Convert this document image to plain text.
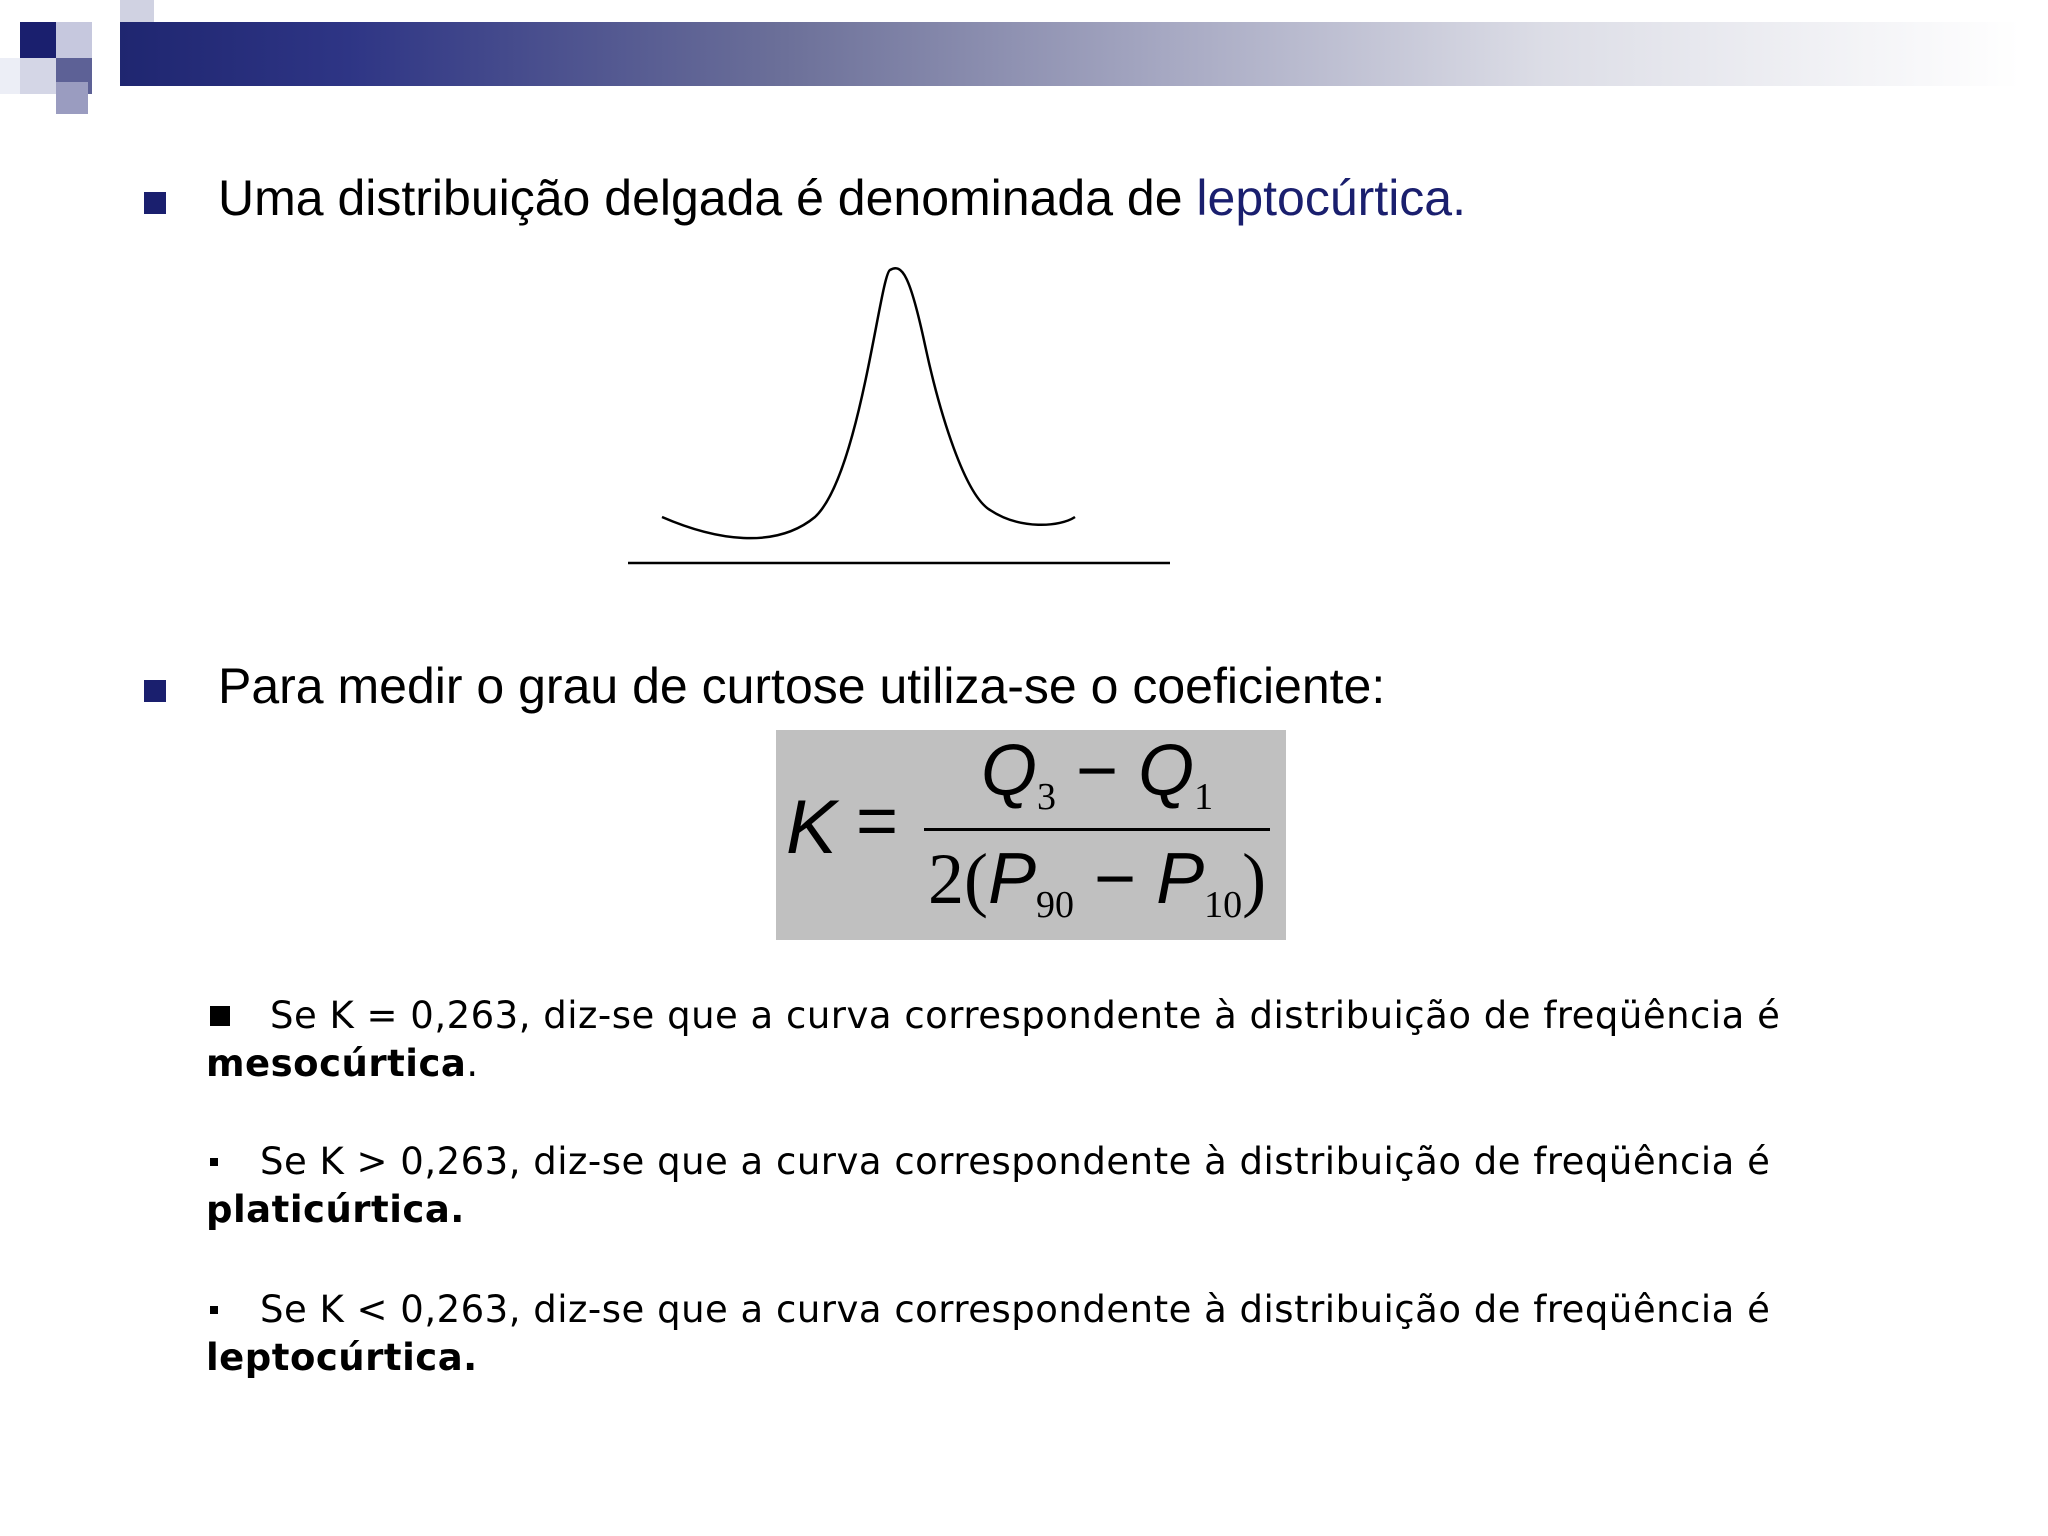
Uma distribuição delgada é denominada de leptocúrtica.
Para medir o grau de curtose utiliza-se o coeficiente:
K =
$Q_3 - Q_1$
$2(P_{90} - P_{10})$
Se K = 0,263, diz-se que a curva correspondente à distribuição de freqüência é mesocúrtica.
Se K > 0,263, diz-se que a curva correspondente à distribuição de freqüência é platicúrtica.
Se K < 0,263, diz-se que a curva correspondente à distribuição de freqüência é leptocúrtica.
